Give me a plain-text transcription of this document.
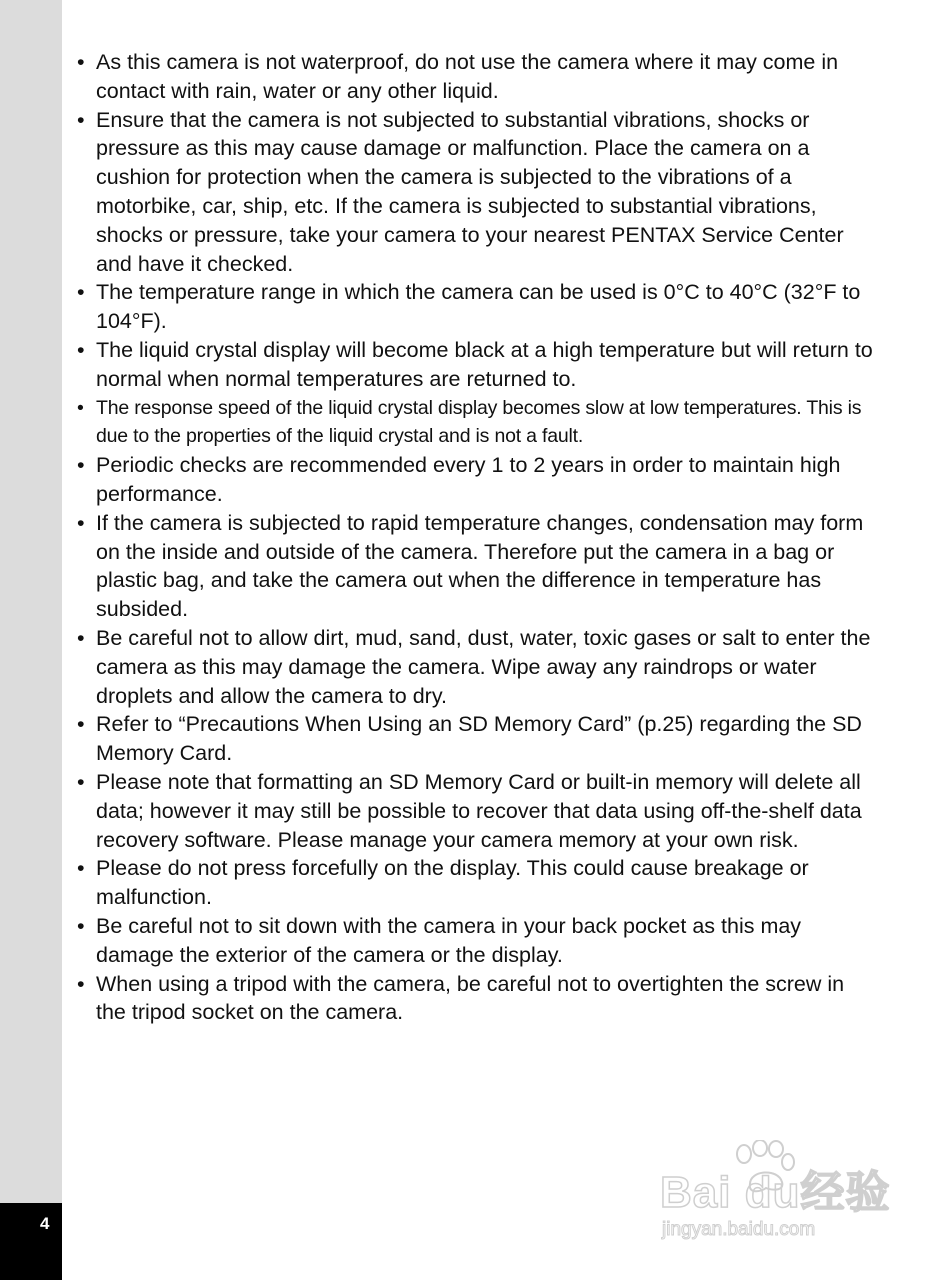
4
• As this camera is not waterproof, do not use the camera where it may come in contact with rain, water or any other liquid.
• Ensure that the camera is not subjected to substantial vibrations, shocks or pressure as this may cause damage or malfunction. Place the camera on a cushion for protection when the camera is subjected to the vibrations of a motorbike, car, ship, etc. If the camera is subjected to substantial vibrations, shocks or pressure, take your camera to your nearest PENTAX Service Center and have it checked.
• The temperature range in which the camera can be used is 0°C to 40°C (32°F to 104°F).
• The liquid crystal display will become black at a high temperature but will return to normal when normal temperatures are returned to.
• The response speed of the liquid crystal display becomes slow at low temperatures. This is due to the properties of the liquid crystal and is not a fault.
• Periodic checks are recommended every 1 to 2 years in order to maintain high performance.
• If the camera is subjected to rapid temperature changes, condensation may form on the inside and outside of the camera. Therefore put the camera in a bag or plastic bag, and take the camera out when the difference in temperature has subsided.
• Be careful not to allow dirt, mud, sand, dust, water, toxic gases or salt to enter the camera as this may damage the camera. Wipe away any raindrops or water droplets and allow the camera to dry.
• Refer to “Precautions When Using an SD Memory Card” (p.25) regarding the SD Memory Card.
• Please note that formatting an SD Memory Card or built-in memory will delete all data; however it may still be possible to recover that data using off-the-shelf data recovery software. Please manage your camera memory at your own risk.
• Please do not press forcefully on the display. This could cause breakage or malfunction.
• Be careful not to sit down with the camera in your back pocket as this may damage the exterior of the camera or the display.
• When using a tripod with the camera, be careful not to overtighten the screw in the tripod socket on the camera.
Bai du经验
jingyan.baidu.com
